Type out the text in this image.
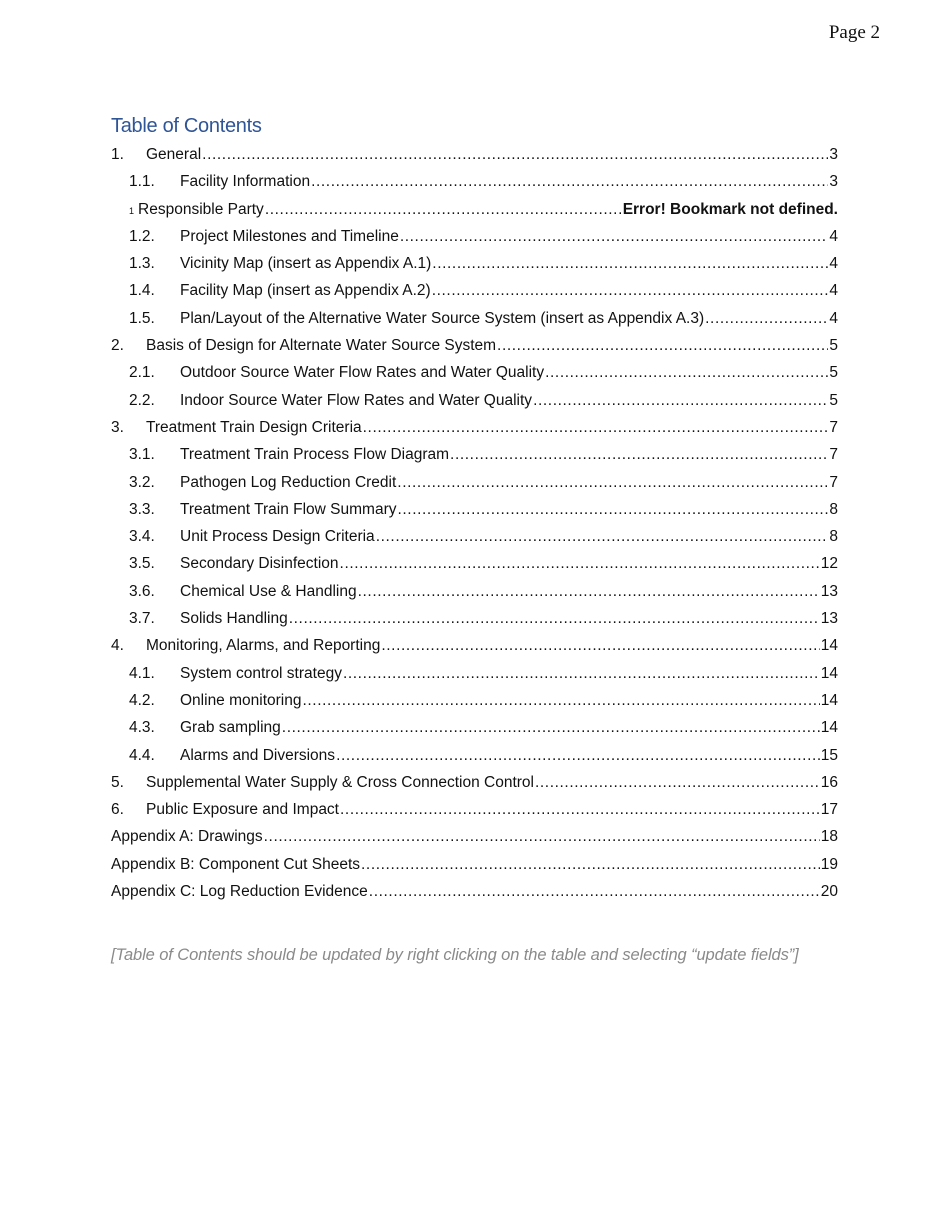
Page 2
Table of Contents
1.	General .....	3
1.1.	Facility Information .....	3
1 Responsible Party .....	Error! Bookmark not defined.
1.2.	Project Milestones and Timeline .....	4
1.3.	Vicinity Map (insert as Appendix A.1) .....	4
1.4.	Facility Map (insert as Appendix A.2) .....	4
1.5.	Plan/Layout of the Alternative Water Source System (insert as Appendix A.3) .....	4
2.	Basis of Design for Alternate Water Source System .....	5
2.1.	Outdoor Source Water Flow Rates and Water Quality .....	5
2.2.	Indoor Source Water Flow Rates and Water Quality .....	5
3.	Treatment Train Design Criteria .....	7
3.1.	Treatment Train Process Flow Diagram .....	7
3.2.	Pathogen Log Reduction Credit .....	7
3.3.	Treatment Train Flow Summary .....	8
3.4.	Unit Process Design Criteria .....	8
3.5.	Secondary Disinfection .....	12
3.6.	Chemical Use & Handling .....	13
3.7.	Solids Handling .....	13
4.	Monitoring, Alarms, and Reporting .....	14
4.1.	System control strategy .....	14
4.2.	Online monitoring .....	14
4.3.	Grab sampling .....	14
4.4.	Alarms and Diversions .....	15
5.	Supplemental Water Supply & Cross Connection Control .....	16
6.	Public Exposure and Impact .....	17
Appendix A: Drawings .....	18
Appendix B: Component Cut Sheets .....	19
Appendix C: Log Reduction Evidence .....	20
[Table of Contents should be updated by right clicking on the table and selecting “update fields”]
